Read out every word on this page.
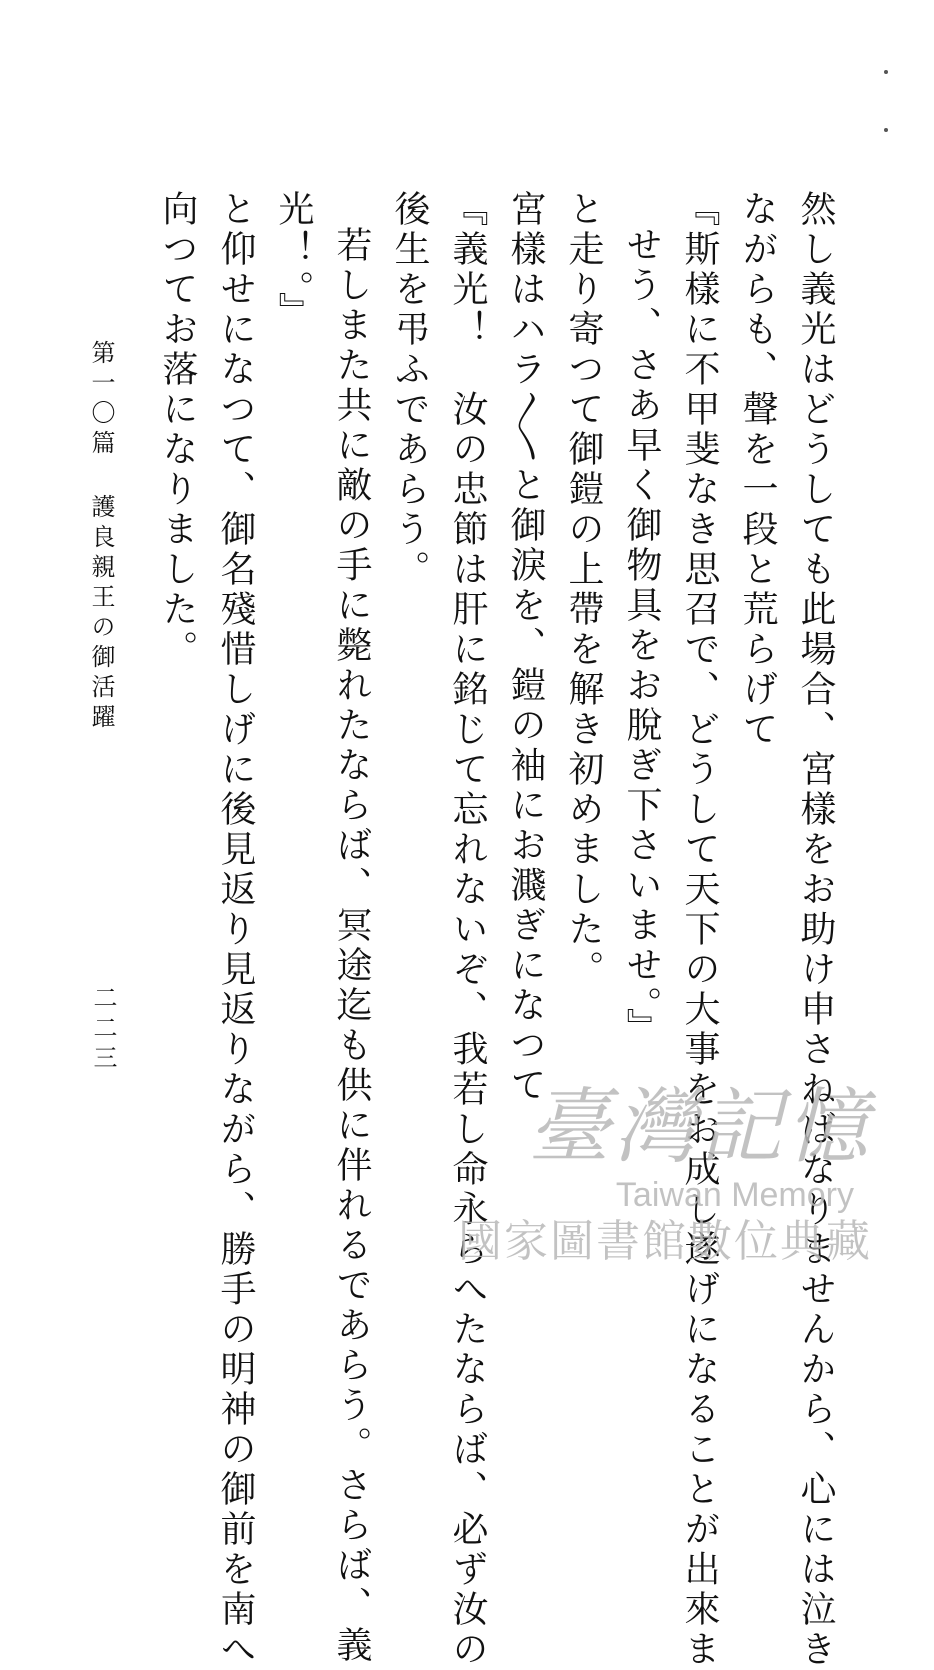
然し義光はどうしても此場合、宮樣をお助け申さねばなりませんから、心には泣き

ながらも、聲を一段と荒らげて

『斯樣に不甲斐なき思召で、どうして天下の大事をお成し遂げになることが出來ま

せう、さあ早く御物具をお脫ぎ下さいませ。』

と走り寄つて御鎧の上帶を解き初めました。

宮樣はハラ〳〵と御淚を、鎧の袖にお濺ぎになつて

『義光！　汝の忠節は肝に銘じて忘れないぞ、我若し命永らへたならば、必ず汝の

後生を弔ふであらう。

若しまた共に敵の手に斃れたならば、冥途迄も供に伴れるであらう。さらば、義

光！。』

と仰せになつて、御名殘惜しげに後見返り見返りながら、勝手の明神の御前を南へ

向つてお落になりました。

第一〇篇護良親王の御活躍
二二三
臺灣記憶
Taiwan Memory
國家圖書館數位典藏
